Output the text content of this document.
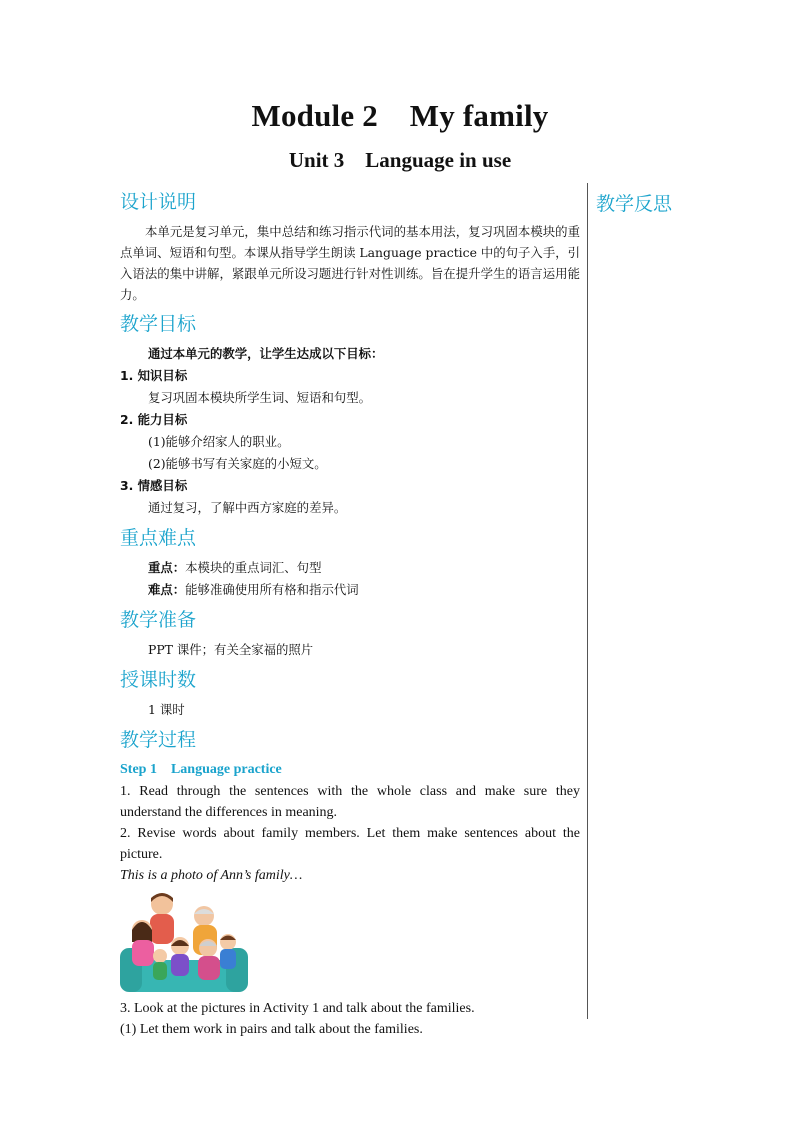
Module 2    My family
Unit 3    Language in use
教学反思
设计说明
本单元是复习单元，集中总结和练习指示代词的基本用法，复习巩固本模块的重点单词、短语和句型。本课从指导学生朗读 Language practice 中的句子入手，引入语法的集中讲解，紧跟单元所设习题进行针对性训练。旨在提升学生的语言运用能力。
教学目标
通过本单元的教学，让学生达成以下目标：
1. 知识目标
复习巩固本模块所学生词、短语和句型。
2. 能力目标
(1)能够介绍家人的职业。
(2)能够书写有关家庭的小短文。
3. 情感目标
通过复习，了解中西方家庭的差异。
重点难点
重点：本模块的重点词汇、句型
难点：能够准确使用所有格和指示代词
教学准备
PPT 课件；有关全家福的照片
授课时数
1 课时
教学过程
Step 1    Language practice
1. Read through the sentences with the whole class and make sure they understand the differences in meaning.
2. Revise words about family members. Let them make sentences about the picture.
This is a photo of Ann’s family…
3. Look at the pictures in Activity 1 and talk about the families.
(1) Let them work in pairs and talk about the families.
